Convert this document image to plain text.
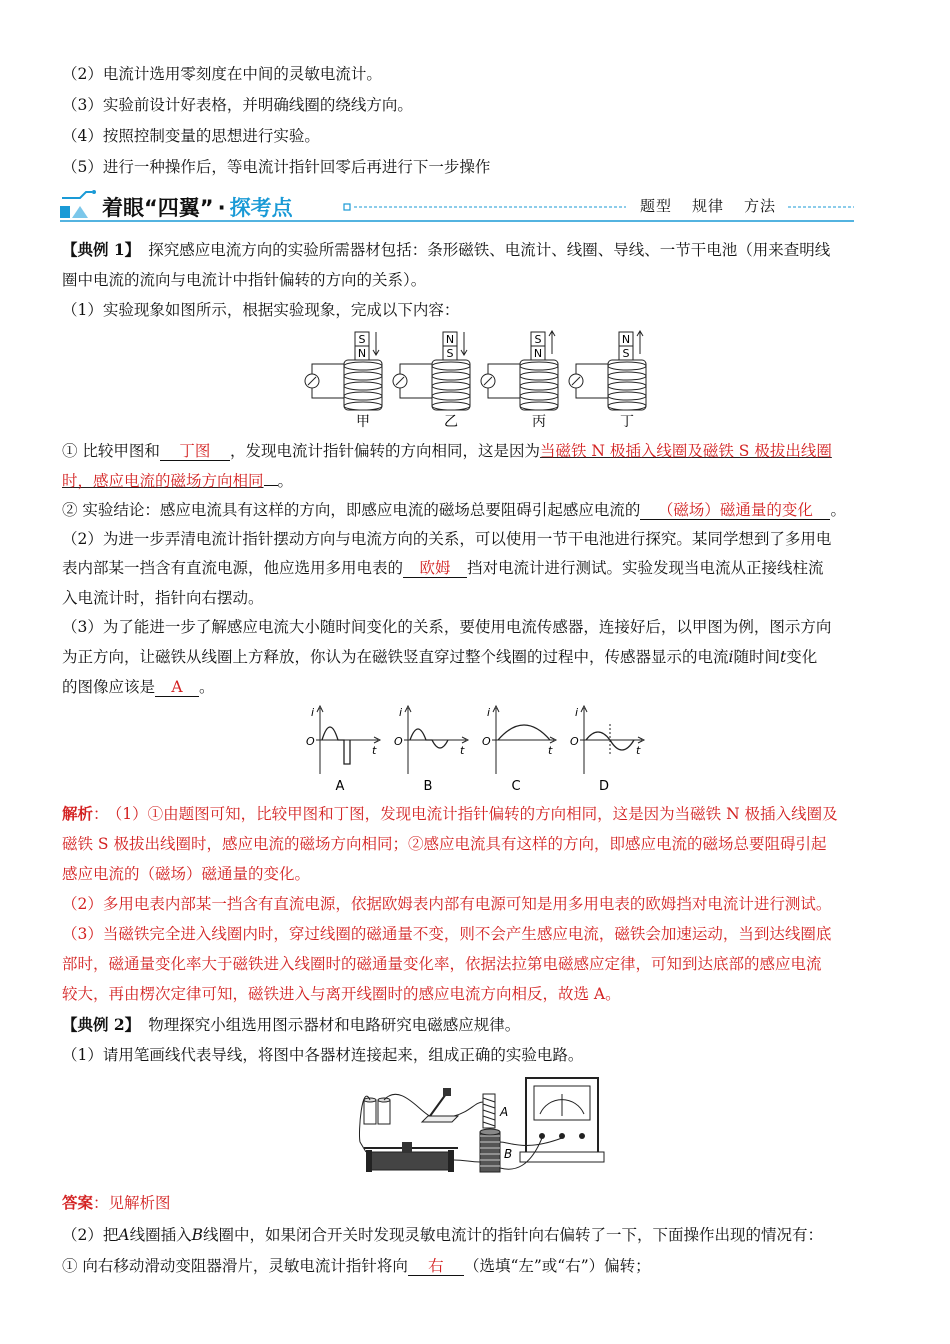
（2）电流计选用零刻度在中间的灵敏电流计。
（3）实验前设计好表格，并明确线圈的绕线方向。
（4）按照控制变量的思想进行实验。
（5）进行一种操作后，等电流计指针回零后再进行下一步操作
着眼“四翼” · 探考点	题型 规律 方法
【典例 1】 探究感应电流方向的实验所需器材包括：条形磁铁、电流计、线圈、导线、一节干电池（用来查明线
圈中电流的流向与电流计中指针偏转的方向的关系）。
（1）实验现象如图所示，根据实验现象，完成以下内容：
S
N
甲
N
S
乙
S
N
丙
N
S
丁
① 比较甲图和 丁图 ，发现电流计指针偏转的方向相同，这是因为当磁铁 N 极插入线圈及磁铁 S 极拔出线圈
时，感应电流的磁场方向相同 。
② 实验结论：感应电流具有这样的方向，即感应电流的磁场总要阻碍引起感应电流的 （磁场）磁通量的变化 。
（2）为进一步弄清电流计指针摆动方向与电流方向的关系，可以使用一节干电池进行探究。某同学想到了多用电
表内部某一挡含有直流电源，他应选用多用电表的 欧姆 挡对电流计进行测试。实验发现当电流从正接线柱流
入电流计时，指针向右摆动。
（3）为了能进一步了解感应电流大小随时间变化的关系，要使用电流传感器，连接好后，以甲图为例，图示方向
为正方向，让磁铁从线圈上方释放，你认为在磁铁竖直穿过整个线圈的过程中，传感器显示的电流i随时间t变化
的图像应该是 A 。
i
t
O
A
i
t
O
B
i
t
O
C
i
t
O
D
解析： （1）①由题图可知，比较甲图和丁图，发现电流计指针偏转的方向相同，这是因为当磁铁 N 极插入线圈及
磁铁 S 极拔出线圈时，感应电流的磁场方向相同；②感应电流具有这样的方向，即感应电流的磁场总要阻碍引起
感应电流的（磁场）磁通量的变化。
（2）多用电表内部某一挡含有直流电源，依据欧姆表内部有电源可知是用多用电表的欧姆挡对电流计进行测试。
（3）当磁铁完全进入线圈内时，穿过线圈的磁通量不变，则不会产生感应电流，磁铁会加速运动，当到达线圈底
部时，磁通量变化率大于磁铁进入线圈时的磁通量变化率，依据法拉第电磁感应定律，可知到达底部的感应电流
较大，再由楞次定律可知，磁铁进入与离开线圈时的感应电流方向相反，故选 A。
【典例 2】 物理探究小组选用图示器材和电路研究电磁感应规律。
（1）请用笔画线代表导线，将图中各器材连接起来，组成正确的实验电路。
A
B
答案：见解析图
（2）把A线圈插入B线圈中，如果闭合开关时发现灵敏电流计的指针向右偏转了一下，下面操作出现的情况有：
① 向右移动滑动变阻器滑片，灵敏电流计指针将向 右 （选填“左”或“右”）偏转；
